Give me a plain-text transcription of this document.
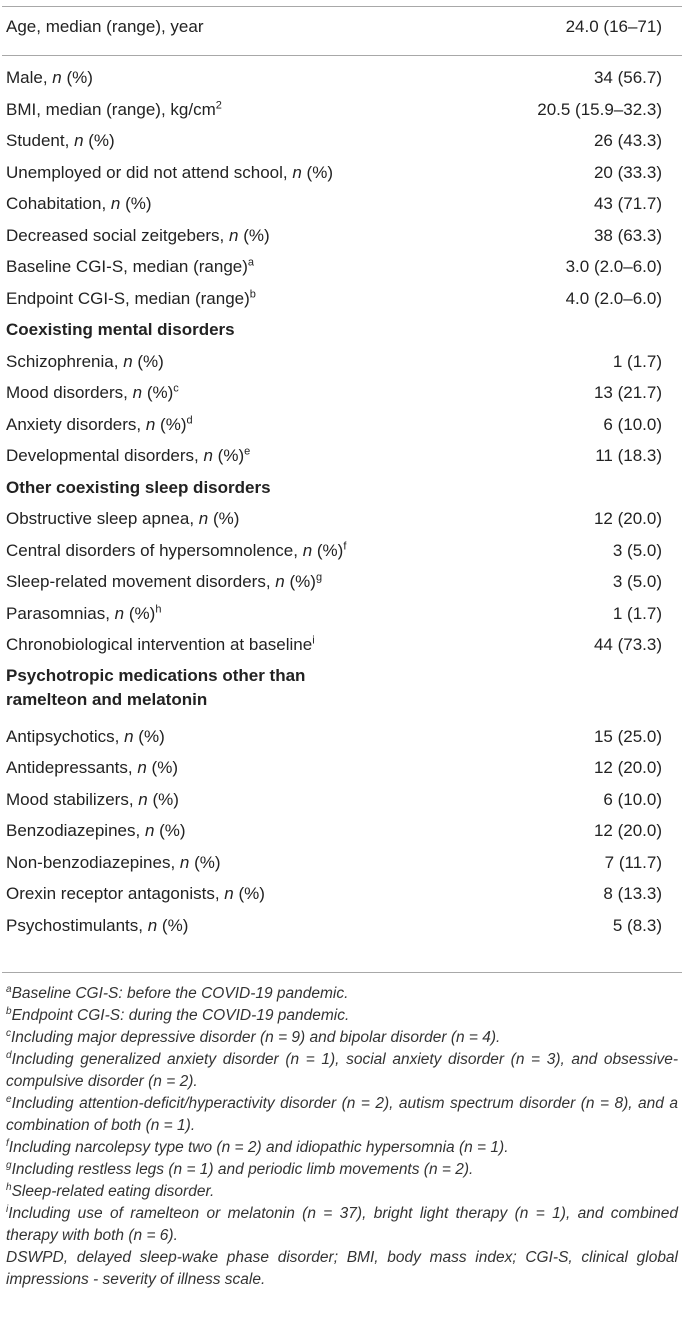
Age, median (range), year	24.0 (16–71)
Male, n (%)	34 (56.7)
BMI, median (range), $kg/cm^2$	20.5 (15.9–32.3)
Student, n (%)	26 (43.3)
Unemployed or did not attend school, n (%)	20 (33.3)
Cohabitation, n (%)	43 (71.7)
Decreased social zeitgebers, n (%)	38 (63.3)
Baseline CGI-S, median (range)$^a$	3.0 (2.0–6.0)
Endpoint CGI-S, median (range)$^b$	4.0 (2.0–6.0)
Coexisting mental disorders
Schizophrenia, n (%)	1 (1.7)
Mood disorders, n (%)$^c$	13 (21.7)
Anxiety disorders, n (%)$^d$	6 (10.0)
Developmental disorders, n (%)$^e$	11 (18.3)
Other coexisting sleep disorders
Obstructive sleep apnea, n (%)	12 (20.0)
Central disorders of hypersomnolence, n (%)$^f$	3 (5.0)
Sleep-related movement disorders, n (%)$^g$	3 (5.0)
Parasomnias, n (%)$^h$	1 (1.7)
Chronobiological intervention at baseline$^i$	44 (73.3)
Psychotropic medications other than ramelteon and melatonin
Antipsychotics, n (%)	15 (25.0)
Antidepressants, n (%)	12 (20.0)
Mood stabilizers, n (%)	6 (10.0)
Benzodiazepines, n (%)	12 (20.0)
Non-benzodiazepines, n (%)	7 (11.7)
Orexin receptor antagonists, n (%)	8 (13.3)
Psychostimulants, n (%)	5 (8.3)

$^a$Baseline CGI-S: before the COVID-19 pandemic.

$^b$Endpoint CGI-S: during the COVID-19 pandemic.

$^c$Including major depressive disorder (n = 9) and bipolar disorder (n = 4).

$^d$Including generalized anxiety disorder (n = 1), social anxiety disorder (n = 3), and obsessive-compulsive disorder (n = 2).

$^e$Including attention-deficit/hyperactivity disorder (n = 2), autism spectrum disorder (n = 8), and a combination of both (n = 1).

$^f$Including narcolepsy type two (n = 2) and idiopathic hypersomnia (n = 1).

$^g$Including restless legs (n = 1) and periodic limb movements (n = 2).

$^h$Sleep-related eating disorder.

$^i$Including use of ramelteon or melatonin (n = 37), bright light therapy (n = 1), and combined therapy with both (n = 6).

DSWPD, delayed sleep-wake phase disorder; BMI, body mass index; CGI-S, clinical global impressions - severity of illness scale.
